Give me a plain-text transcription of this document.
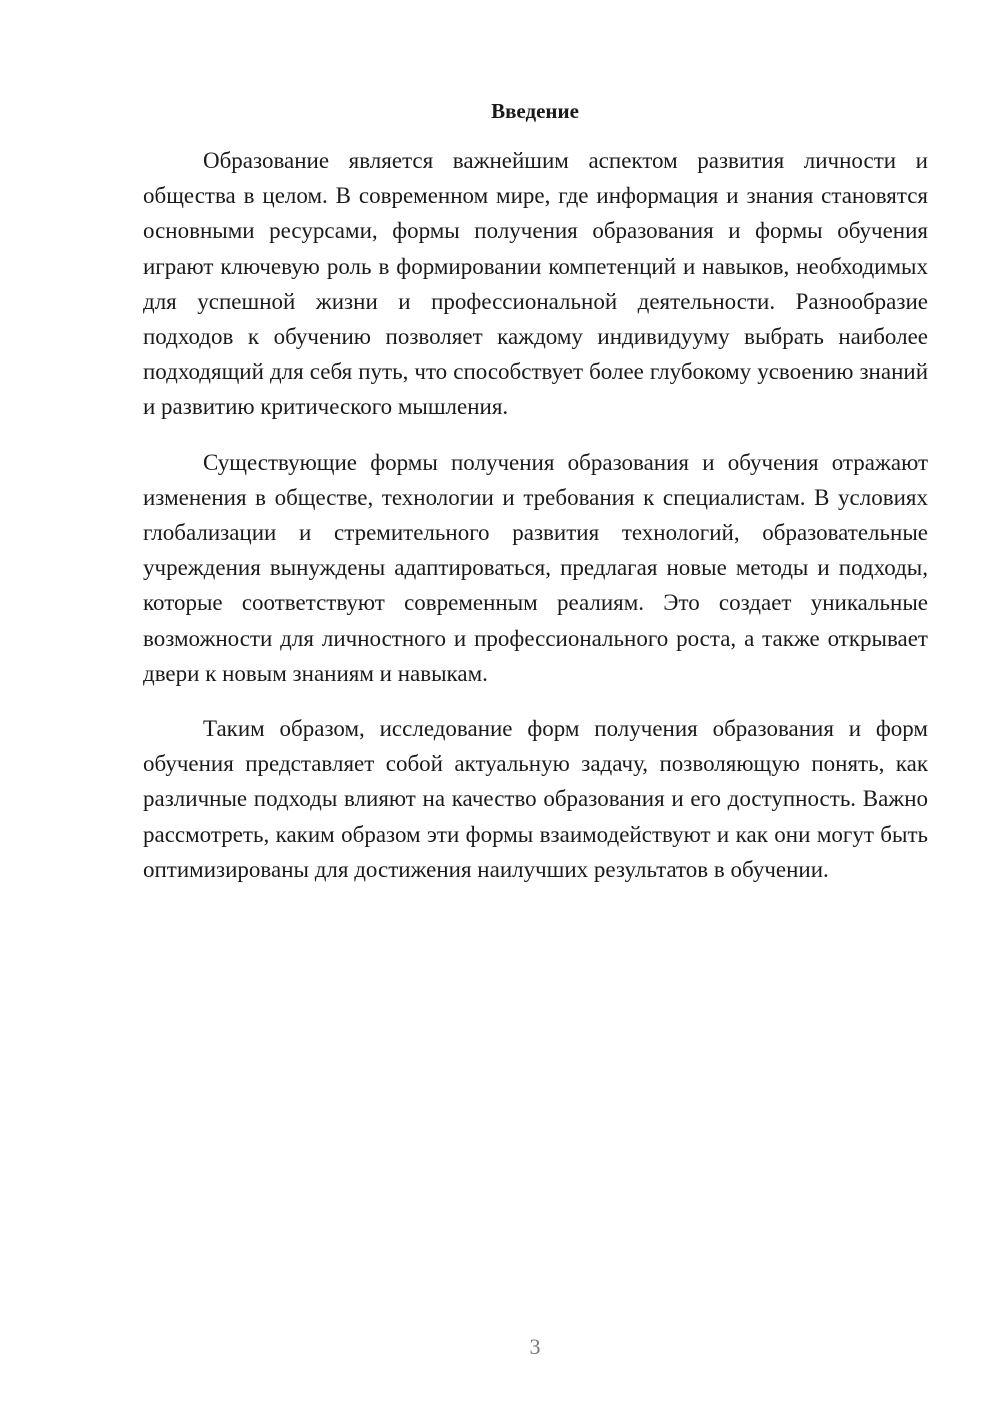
Введение

Образование является важнейшим аспектом развития личности и общества в целом. В современном мире, где информация и знания становятся основными ресурсами, формы получения образования и формы обучения играют ключевую роль в формировании компетенций и навыков, необходимых для успешной жизни и профессиональной деятельности. Разнообразие подходов к обучению позволяет каждому индивидууму выбрать наиболее подходящий для себя путь, что способствует более глубокому усвоению знаний и развитию критического мышления.

Существующие формы получения образования и обучения отражают изменения в обществе, технологии и требования к специалистам. В условиях глобализации и стремительного развития технологий, образовательные учреждения вынуждены адаптироваться, предлагая новые методы и подходы, которые соответствуют современным реалиям. Это создает уникальные возможности для личностного и профессионального роста, а также открывает двери к новым знаниям и навыкам.

Таким образом, исследование форм получения образования и форм обучения представляет собой актуальную задачу, позволяющую понять, как различные подходы влияют на качество образования и его доступность. Важно рассмотреть, каким образом эти формы взаимодействуют и как они могут быть оптимизированы для достижения наилучших результатов в обучении.

3
